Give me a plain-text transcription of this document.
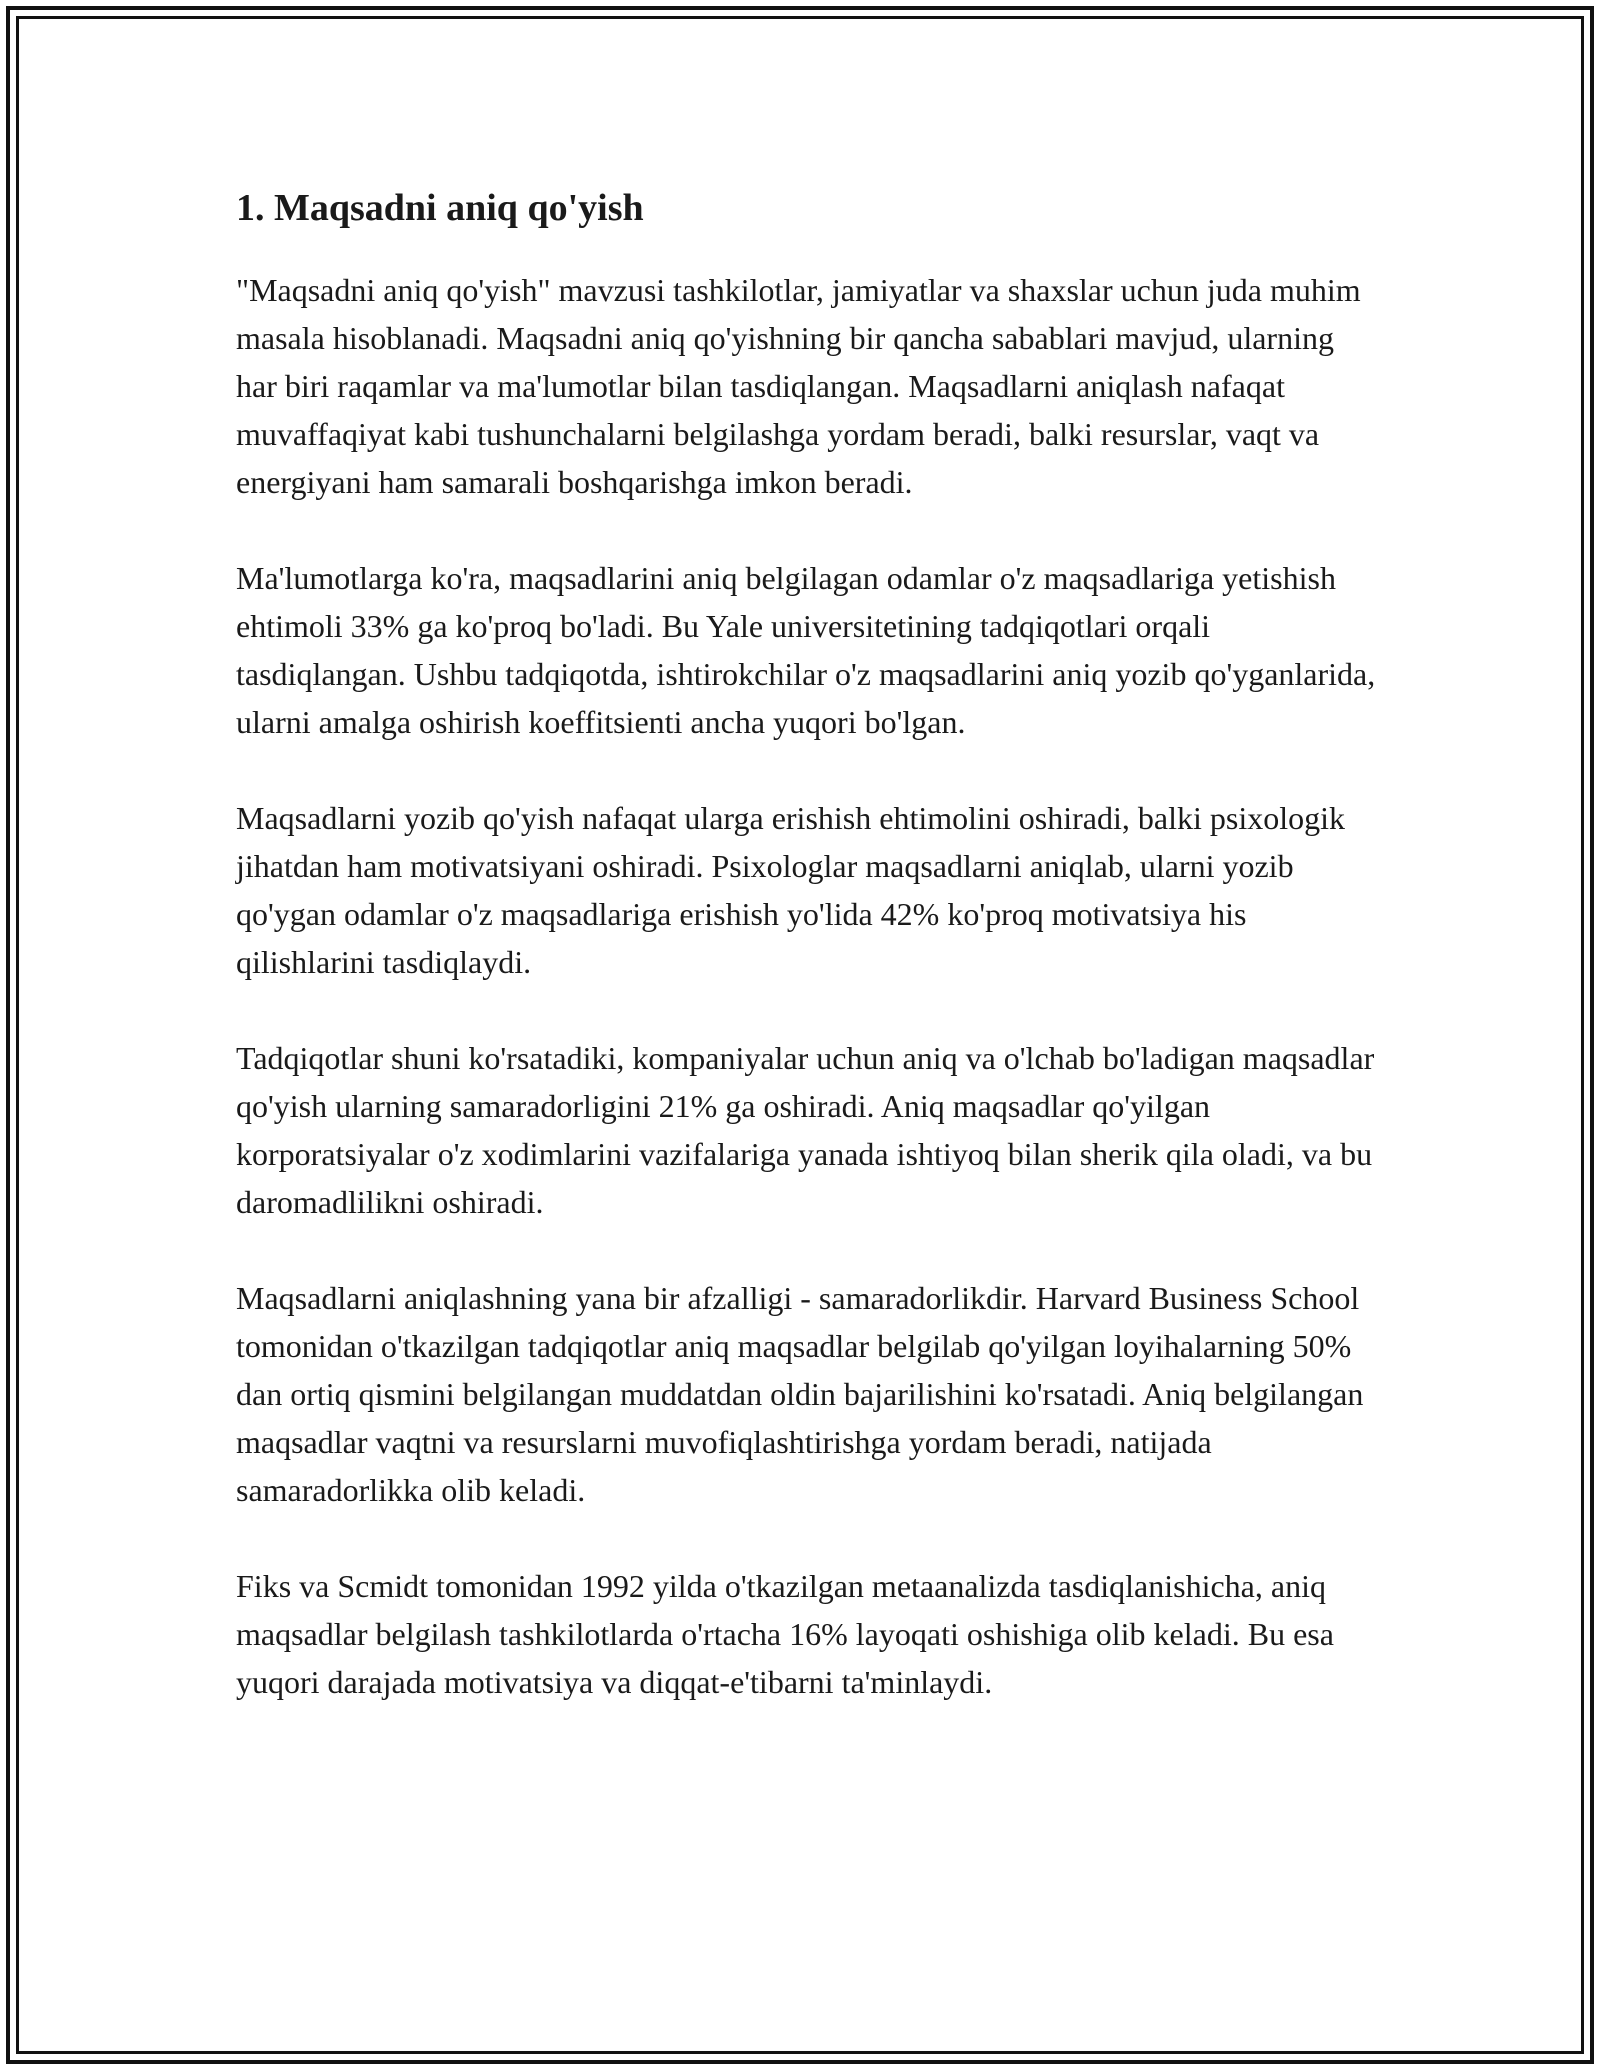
1. Maqsadni aniq qo'yish

"Maqsadni aniq qo'yish" mavzusi tashkilotlar, jamiyatlar va shaxslar uchun juda muhim masala hisoblanadi. Maqsadni aniq qo'yishning bir qancha sabablari mavjud, ularning har biri raqamlar va ma'lumotlar bilan tasdiqlangan. Maqsadlarni aniqlash nafaqat muvaffaqiyat kabi tushunchalarni belgilashga yordam beradi, balki resurslar, vaqt va energiyani ham samarali boshqarishga imkon beradi.

Ma'lumotlarga ko'ra, maqsadlarini aniq belgilagan odamlar o'z maqsadlariga yetishish ehtimoli 33% ga ko'proq bo'ladi. Bu Yale universitetining tadqiqotlari orqali tasdiqlangan. Ushbu tadqiqotda, ishtirokchilar o'z maqsadlarini aniq yozib qo'yganlarida, ularni amalga oshirish koeffitsienti ancha yuqori bo'lgan.

Maqsadlarni yozib qo'yish nafaqat ularga erishish ehtimolini oshiradi, balki psixologik jihatdan ham motivatsiyani oshiradi. Psixologlar maqsadlarni aniqlab, ularni yozib qo'ygan odamlar o'z maqsadlariga erishish yo'lida 42% ko'proq motivatsiya his qilishlarini tasdiqlaydi.

Tadqiqotlar shuni ko'rsatadiki, kompaniyalar uchun aniq va o'lchab bo'ladigan maqsadlar qo'yish ularning samaradorligini 21% ga oshiradi. Aniq maqsadlar qo'yilgan korporatsiyalar o'z xodimlarini vazifalariga yanada ishtiyoq bilan sherik qila oladi, va bu daromadlilikni oshiradi.

Maqsadlarni aniqlashning yana bir afzalligi - samaradorlikdir. Harvard Business School tomonidan o'tkazilgan tadqiqotlar aniq maqsadlar belgilab qo'yilgan loyihalarning 50% dan ortiq qismini belgilangan muddatdan oldin bajarilishini ko'rsatadi. Aniq belgilangan maqsadlar vaqtni va resurslarni muvofiqlashtirishga yordam beradi, natijada samaradorlikka olib keladi.

Fiks va Scmidt tomonidan 1992 yilda o'tkazilgan metaanalizda tasdiqlanishicha, aniq maqsadlar belgilash tashkilotlarda o'rtacha 16% layoqati oshishiga olib keladi. Bu esa yuqori darajada motivatsiya va diqqat-e'tibarni ta'minlaydi.
